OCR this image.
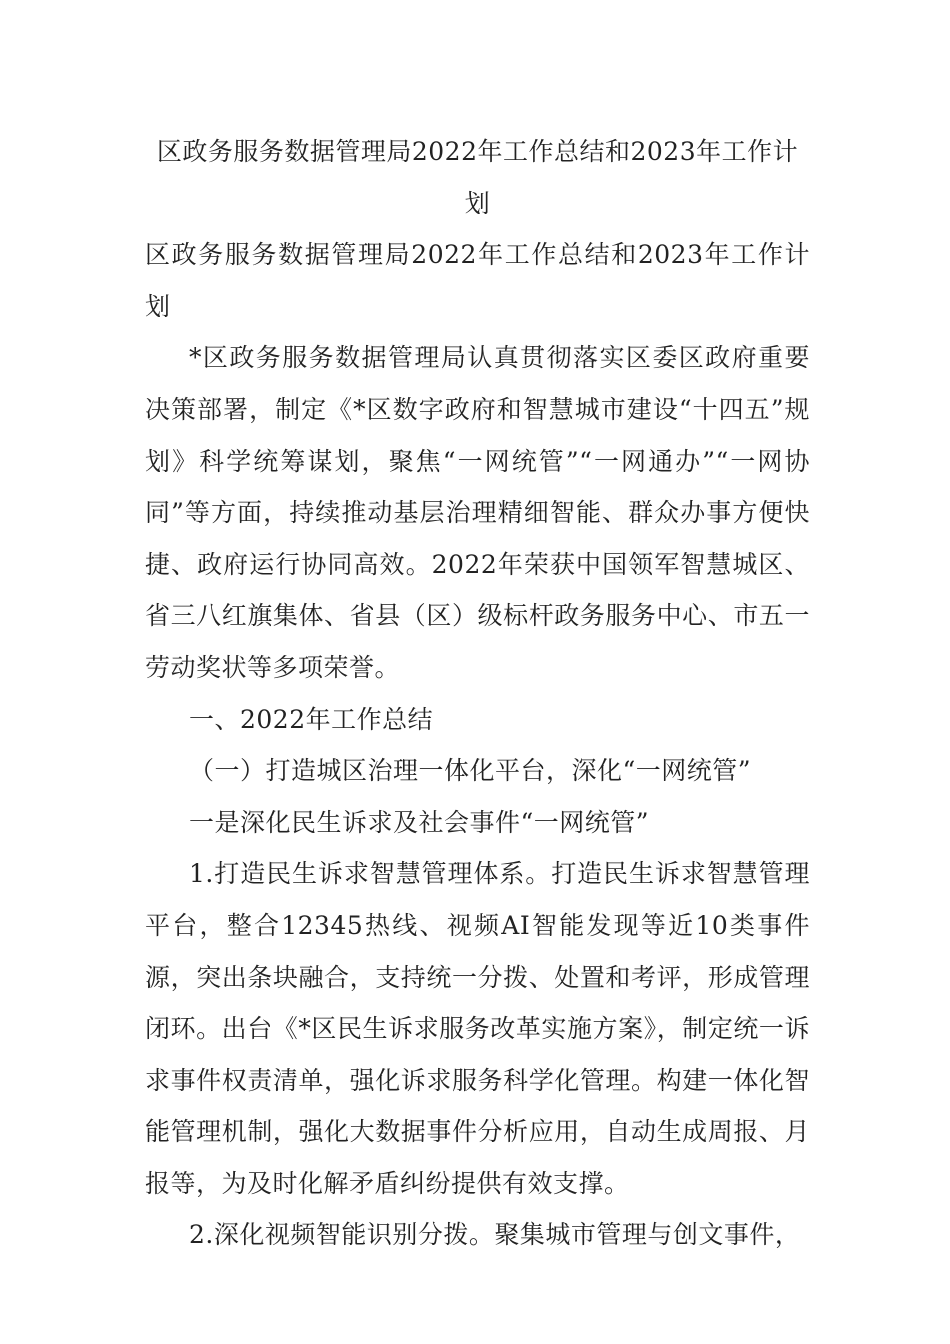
区政务服务数据管理局2022年工作总结和2023年工作计划

区政务服务数据管理局2022年工作总结和2023年工作计划

*区政务服务数据管理局认真贯彻落实区委区政府重要决策部署，制定《*区数字政府和智慧城市建设“十四五”规划》科学统筹谋划，聚焦“一网统管”“一网通办”“一网协同”等方面，持续推动基层治理精细智能、群众办事方便快捷、政府运行协同高效。2022年荣获中国领军智慧城区、省三八红旗集体、省县（区）级标杆政务服务中心、市五一劳动奖状等多项荣誉。

一、2022年工作总结

（一）打造城区治理一体化平台，深化“一网统管”

一是深化民生诉求及社会事件“一网统管”

1.打造民生诉求智慧管理体系。打造民生诉求智慧管理平台，整合12345热线、视频AI智能发现等近10类事件源，突出条块融合，支持统一分拨、处置和考评，形成管理闭环。出台《*区民生诉求服务改革实施方案》，制定统一诉求事件权责清单，强化诉求服务科学化管理。构建一体化智能管理机制，强化大数据事件分析应用，自动生成周报、月报等，为及时化解矛盾纠纷提供有效支撑。

2.深化视频智能识别分拨。聚集城市管理与创文事件，
